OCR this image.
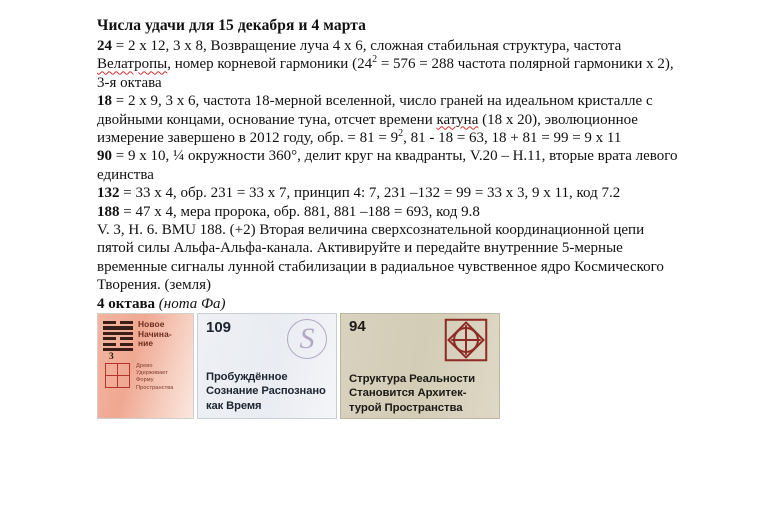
Числа удачи для 15 декабря и 4 марта
24 = 2 х 12, 3 х 8, Возвращение луча 4 х 6, сложная стабильная структура, частота
Велатропы, номер корневой гармоники ($24^2 = 576 = 288$ частота полярной гармоники х 2),
3-я октава
18 = 2 х 9, 3 х 6, частота 18-мерной вселенной, число граней на идеальном кристалле с
двойными концами, основание туна, отсчет времени катуна (18 х 20), эволюционное
измерение завершено в 2012 году, обр. = $81 = 9^2$, 81 - 18 = 63, 18 + 81 = 99 = 9 х 11
90 = 9 х 10, ¼ окружности 360°, делит круг на квадранты, V.20 – H.11, вторые врата левого
единства
132 = 33 х 4, обр. 231 = 33 х 7, принцип 4: 7, 231 –132 = 99 = 33 х 3, 9 х 11, код 7.2
188 = 47 х 4, мера пророка, обр. 881, 881 –188 = 693, код 9.8
V. 3, H. 6. BMU 188. (+2) Вторая величина сверхсознательной координационной цепи
пятой силы Альфа-Альфа-канала. Активируйте и передайте внутренние 5-мерные
временные сигналы лунной стабилизации в радиальное чувственное ядро Космического
Творения. (земля)
4 октава (нота Фа)
Новое
Начина-
ние
3
Древо
Удерживает
Форму
Пространства
109	S
Пробуждённое
Сознание Распознано
как Время
94
Структура Реальности
Становится Архитек-
турой Пространства
